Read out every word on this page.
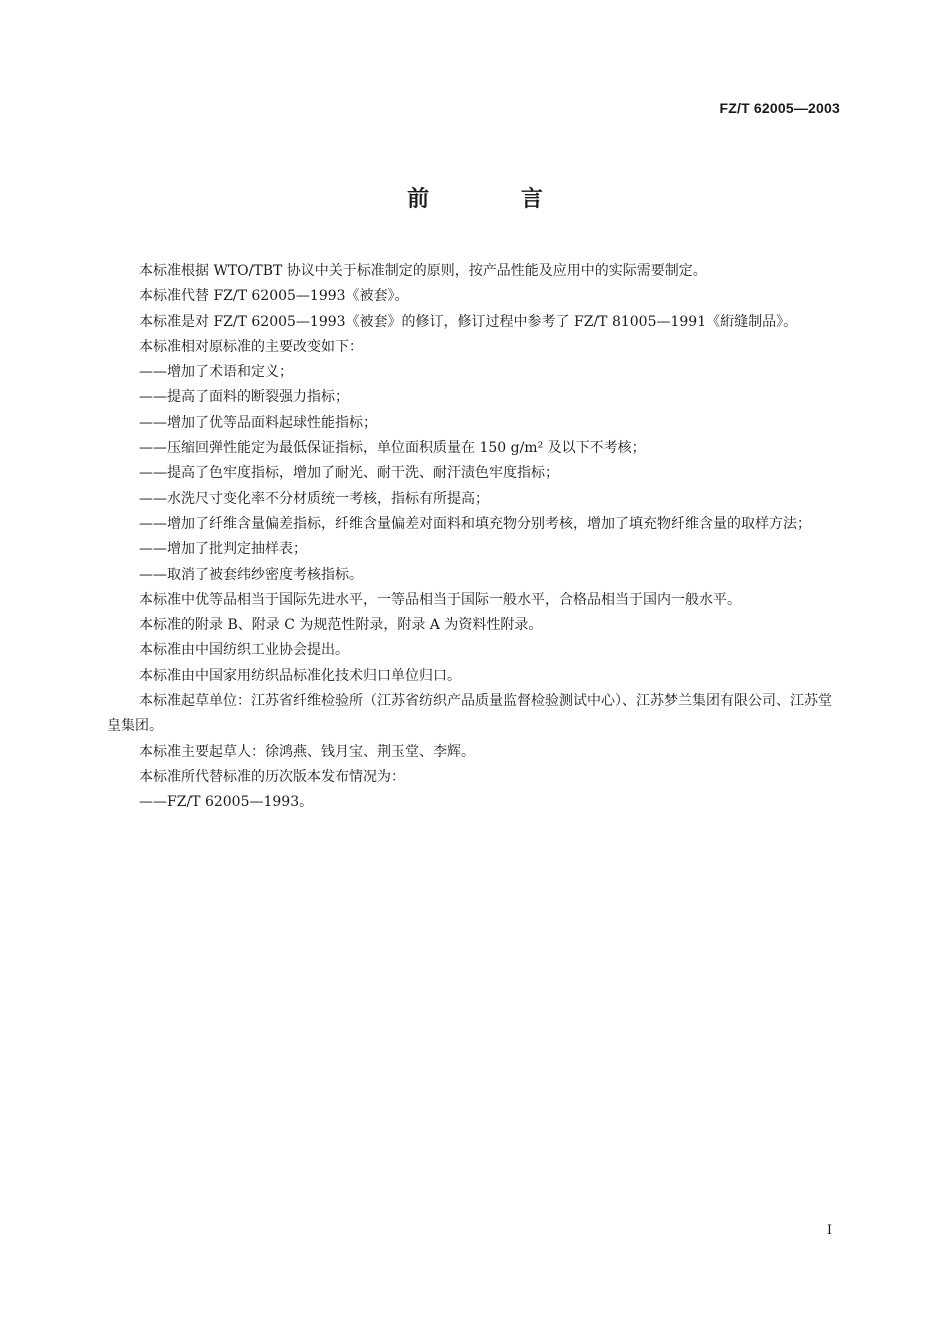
FZ/T 62005—2003
前 言

本标准根据 WTO/TBT 协议中关于标准制定的原则，按产品性能及应用中的实际需要制定。

本标准代替 FZ/T 62005—1993《被套》。

本标准是对 FZ/T 62005—1993《被套》的修订，修订过程中参考了 FZ/T 81005—1991《絎缝制品》。

本标准相对原标准的主要改变如下：

——增加了术语和定义；

——提高了面料的断裂强力指标；

——增加了优等品面料起球性能指标；

——压缩回弹性能定为最低保证指标，单位面积质量在 150 g/m² 及以下不考核；

——提高了色牢度指标，增加了耐光、耐干洗、耐汗渍色牢度指标；

——水洗尺寸变化率不分材质统一考核，指标有所提高；

——增加了纤维含量偏差指标，纤维含量偏差对面料和填充物分别考核，增加了填充物纤维含量的取样方法；

——增加了批判定抽样表；

——取消了被套纬纱密度考核指标。

本标准中优等品相当于国际先进水平，一等品相当于国际一般水平，合格品相当于国内一般水平。

本标准的附录 B、附录 C 为规范性附录，附录 A 为资料性附录。

本标准由中国纺织工业协会提出。

本标准由中国家用纺织品标准化技术归口单位归口。

本标准起草单位：江苏省纤维检验所（江苏省纺织产品质量监督检验测试中心）、江苏梦兰集团有限公司、江苏堂皇集团。

本标准主要起草人：徐鸿燕、钱月宝、荆玉堂、李辉。

本标准所代替标准的历次版本发布情况为：

——FZ/T 62005—1993。

I
